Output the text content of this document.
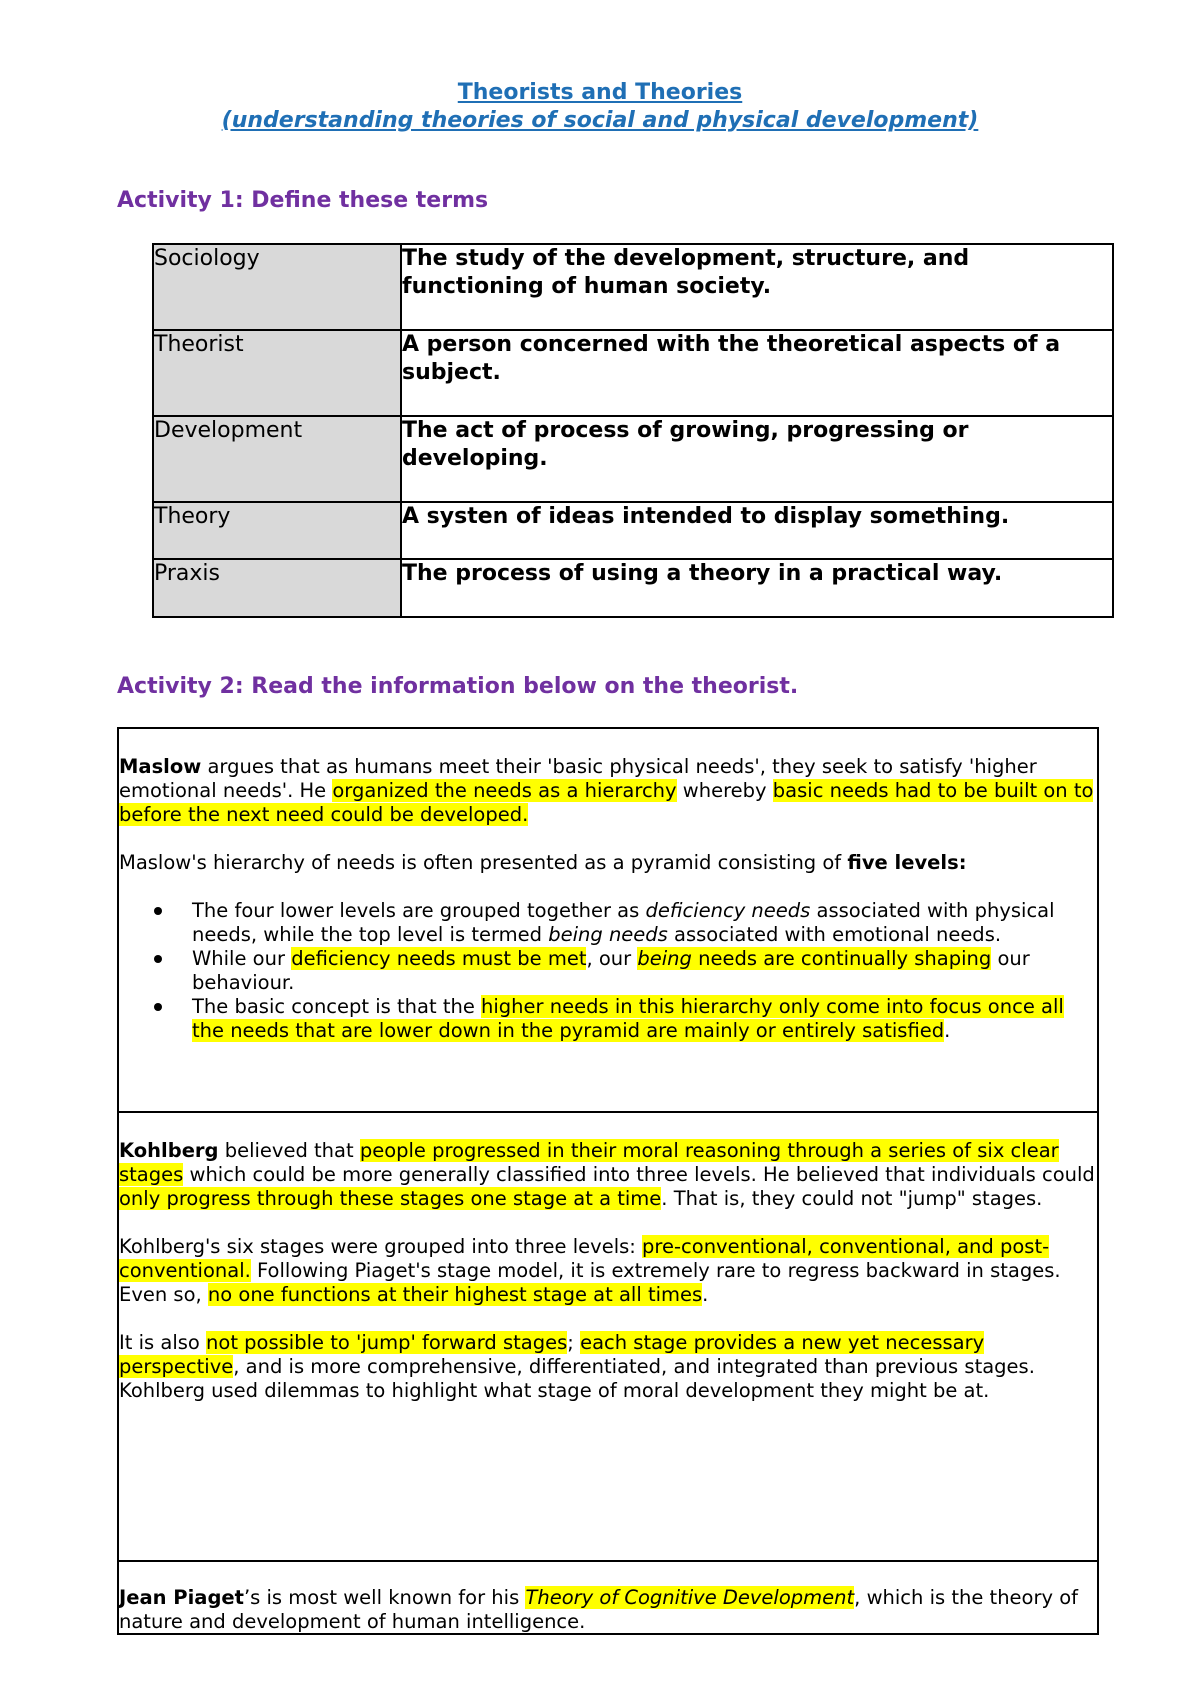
Theorists and Theories
(understanding theories of social and physical development)
Activity 1: Define these terms
Sociology	The study of the development, structure, and functioning of human society.
Theorist	A person concerned with the theoretical aspects of a subject.
Development	The act of process of growing, progressing or developing.
Theory	A systen of ideas intended to display something.
Praxis	The process of using a theory in a practical way.
Activity 2: Read the information below on the theorist.

Maslow argues that as humans meet their 'basic physical needs', they seek to satisfy 'higher emotional needs'. He organized the needs as a hierarchy whereby basic needs had to be built on to before the next need could be developed.

Maslow's hierarchy of needs is often presented as a pyramid consisting of five levels:

The four lower levels are grouped together as deficiency needs associated with physical needs, while the top level is termed being needs associated with emotional needs.
While our deficiency needs must be met, our being needs are continually shaping our behaviour.
The basic concept is that the higher needs in this hierarchy only come into focus once all the needs that are lower down in the pyramid are mainly or entirely satisfied.

Kohlberg believed that people progressed in their moral reasoning through a series of six clear stages which could be more generally classified into three levels. He believed that individuals could only progress through these stages one stage at a time. That is, they could not "jump" stages.

Kohlberg's six stages were grouped into three levels: pre-conventional, conventional, and post-conventional. Following Piaget's stage model, it is extremely rare to regress backward in stages. Even so, no one functions at their highest stage at all times.

It is also not possible to 'jump' forward stages; each stage provides a new yet necessary perspective, and is more comprehensive, differentiated, and integrated than previous stages. Kohlberg used dilemmas to highlight what stage of moral development they might be at.

Jean Piaget’s is most well known for his Theory of Cognitive Development, which is the theory of nature and development of human intelligence.
